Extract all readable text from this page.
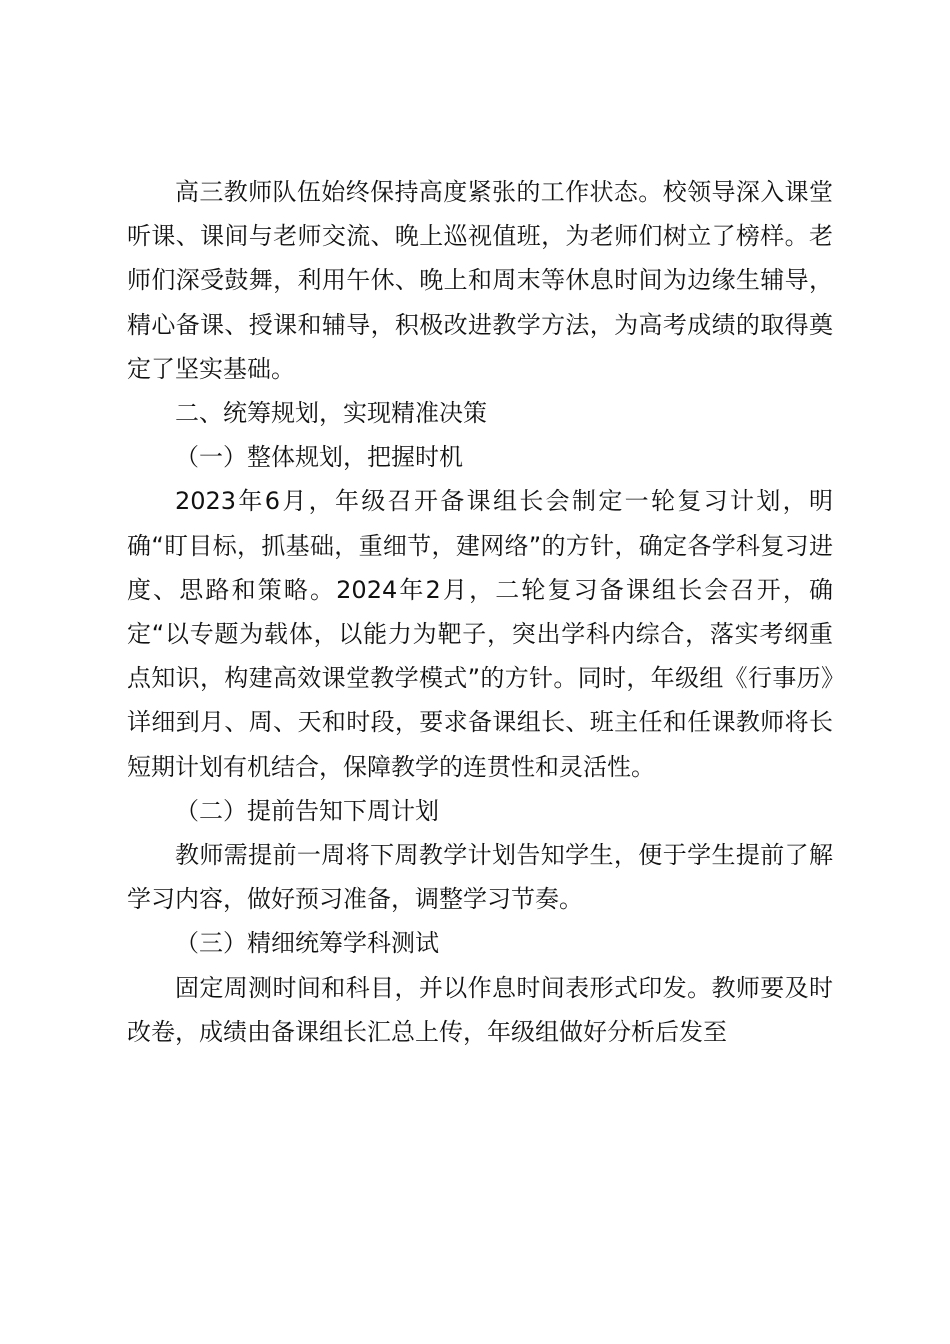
高三教师队伍始终保持高度紧张的工作状态。校领导深入课堂听课、课间与老师交流、晚上巡视值班，为老师们树立了榜样。老师们深受鼓舞，利用午休、晚上和周末等休息时间为边缘生辅导，精心备课、授课和辅导，积极改进教学方法，为高考成绩的取得奠定了坚实基础。

二、统筹规划，实现精准决策

（一）整体规划，把握时机

2023年6月，年级召开备课组长会制定一轮复习计划，明确“盯目标，抓基础，重细节，建网络”的方针，确定各学科复习进度、思路和策略。2024年2月，二轮复习备课组长会召开，确定“以专题为载体，以能力为靶子，突出学科内综合，落实考纲重点知识，构建高效课堂教学模式”的方针。同时，年级组《行事历》详细到月、周、天和时段，要求备课组长、班主任和任课教师将长短期计划有机结合，保障教学的连贯性和灵活性。

（二）提前告知下周计划

教师需提前一周将下周教学计划告知学生，便于学生提前了解学习内容，做好预习准备，调整学习节奏。

（三）精细统筹学科测试

固定周测时间和科目，并以作息时间表形式印发。教师要及时改卷，成绩由备课组长汇总上传，年级组做好分析后发至
